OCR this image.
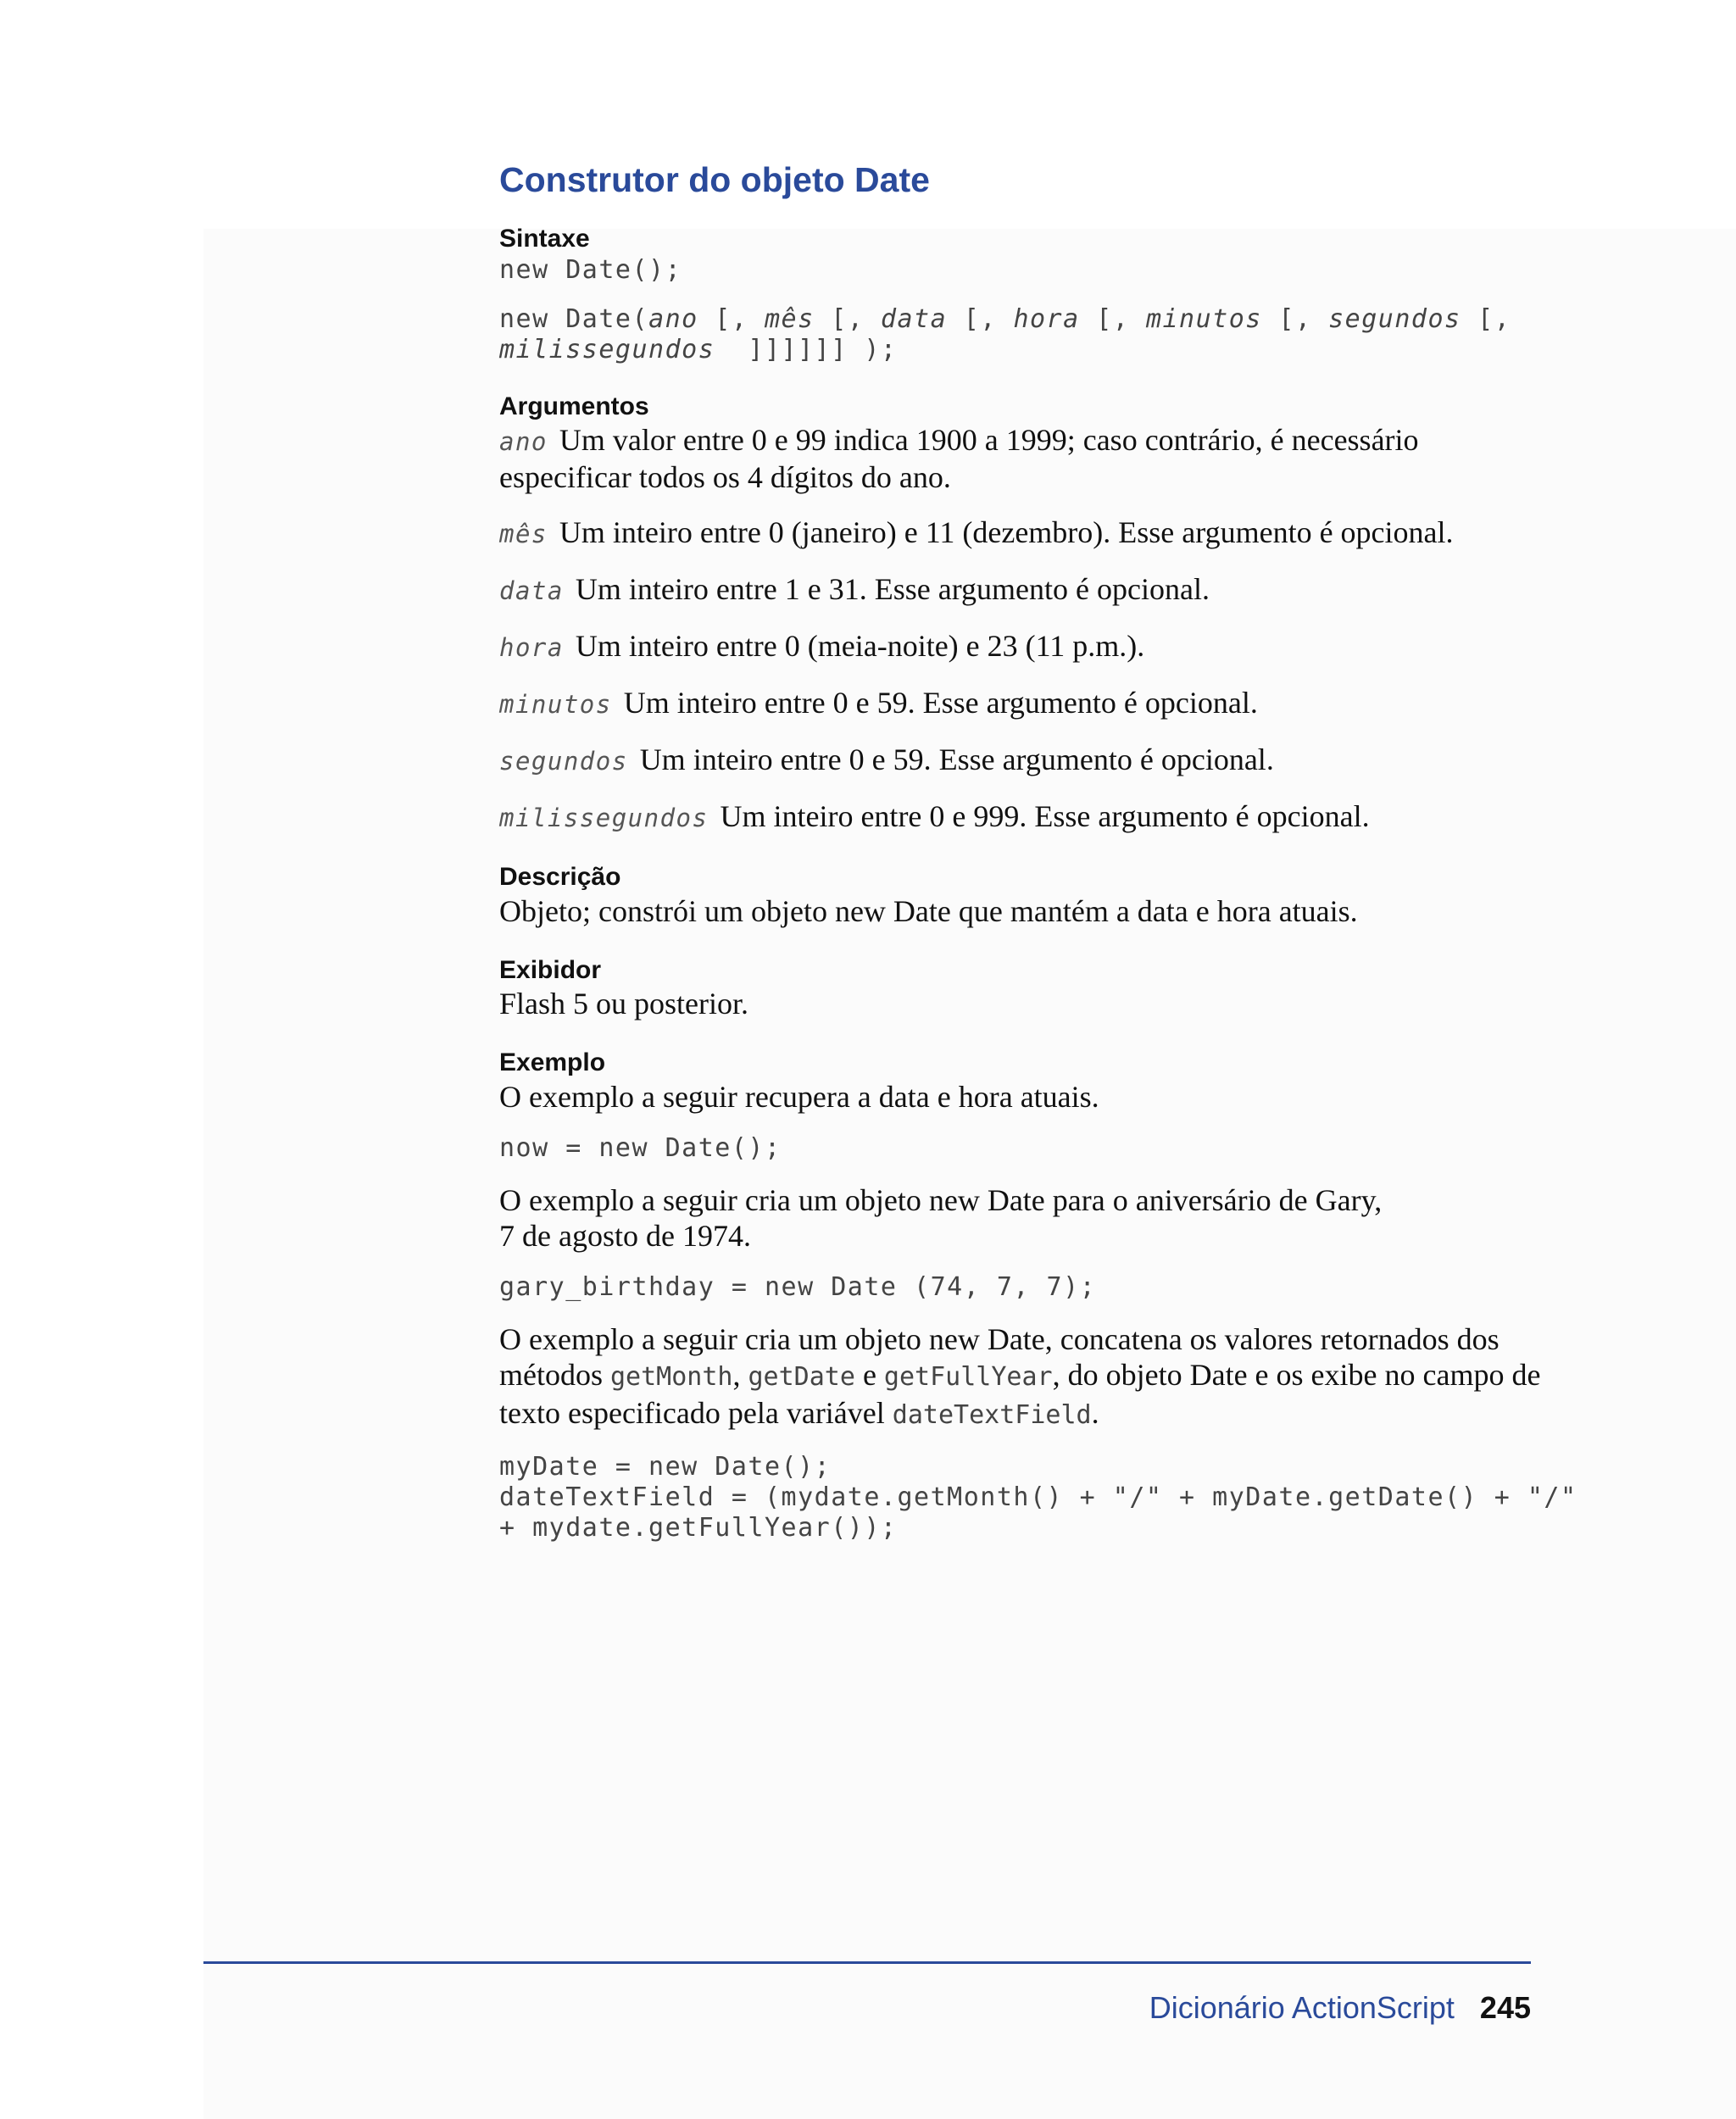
Construtor do objeto Date
Sintaxe
new Date();
new Date(ano [, mês [, data [, hora [, minutos [, segundos [,
milissegundos  ]]]]]] );
Argumentos

ano Um valor entre 0 e 99 indica 1900 a 1999; caso contrário, é necessário especificar todos os 4 dígitos do ano.

mês Um inteiro entre 0 (janeiro) e 11 (dezembro). Esse argumento é opcional.

data Um inteiro entre 1 e 31. Esse argumento é opcional.

hora Um inteiro entre 0 (meia-noite) e 23 (11 p.m.).

minutos Um inteiro entre 0 e 59. Esse argumento é opcional.

segundos Um inteiro entre 0 e 59. Esse argumento é opcional.

milissegundos Um inteiro entre 0 e 999. Esse argumento é opcional.

Descrição

Objeto; constrói um objeto new Date que mantém a data e hora atuais.

Exibidor

Flash 5 ou posterior.

Exemplo

O exemplo a seguir recupera a data e hora atuais.

now = new Date();

O exemplo a seguir cria um objeto new Date para o aniversário de Gary,
7 de agosto de 1974.

gary_birthday = new Date (74, 7, 7);

O exemplo a seguir cria um objeto new Date, concatena os valores retornados dos métodos getMonth, getDate e getFullYear, do objeto Date e os exibe no campo de texto especificado pela variável dateTextField.

myDate = new Date();
dateTextField = (mydate.getMonth() + "/" + myDate.getDate() + "/"
+ mydate.getFullYear());
Dicionário ActionScript 245
